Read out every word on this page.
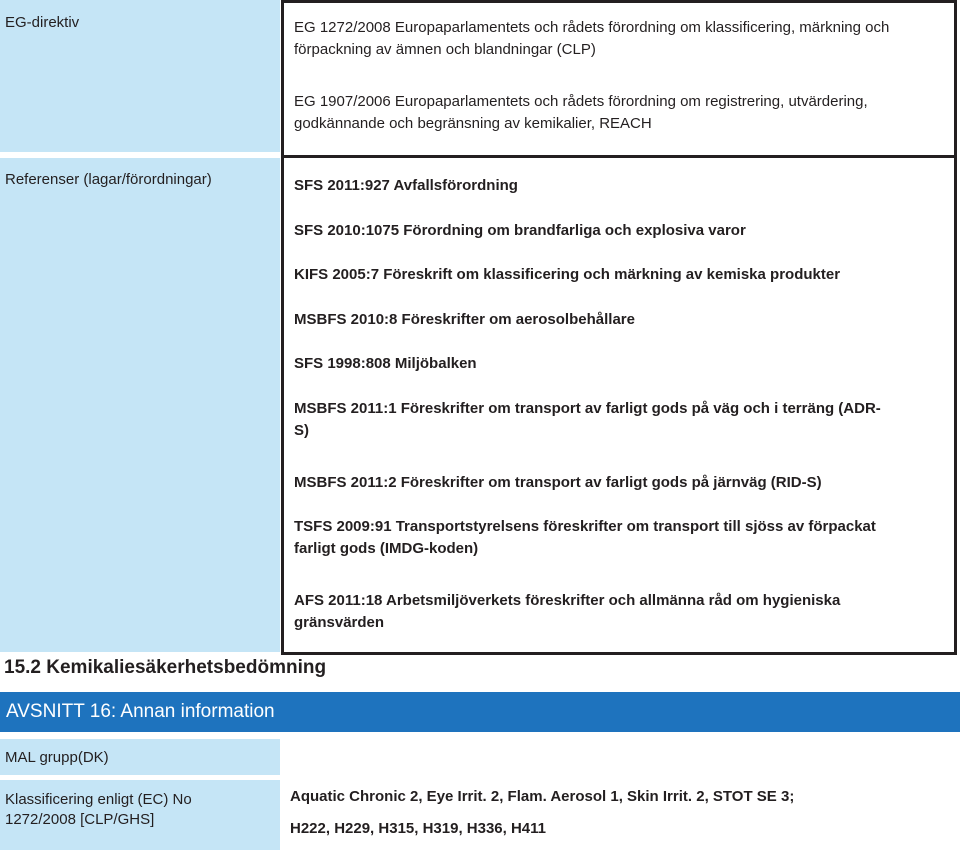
EG-direktiv
Referenser (lagar/förordningar)
EG 1272/2008 Europaparlamentets och rådets förordning om klassificering, märkning och förpackning av ämnen och blandningar (CLP)
EG 1907/2006 Europaparlamentets och rådets förordning om registrering, utvärdering, godkännande och begränsning av kemikalier, REACH
SFS 2011:927 Avfallsförordning
SFS 2010:1075 Förordning om brandfarliga och explosiva varor
KIFS 2005:7 Föreskrift om klassificering och märkning av kemiska produkter
MSBFS 2010:8 Föreskrifter om aerosolbehållare
SFS 1998:808 Miljöbalken
MSBFS 2011:1 Föreskrifter om transport av farligt gods på väg och i terräng (ADR-S)
MSBFS 2011:2 Föreskrifter om transport av farligt gods på järnväg (RID-S)
TSFS 2009:91 Transportstyrelsens föreskrifter om transport till sjöss av förpackat farligt gods (IMDG-koden)
AFS 2011:18 Arbetsmiljöverkets föreskrifter och allmänna råd om hygieniska gränsvärden
15.2 Kemikaliesäkerhetsbedömning
AVSNITT 16: Annan information
MAL grupp(DK)
Klassificering enligt (EC) No 1272/2008 [CLP/GHS]
Aquatic Chronic 2, Eye Irrit. 2, Flam. Aerosol 1, Skin Irrit. 2, STOT SE 3;
H222, H229, H315, H319, H336, H411
